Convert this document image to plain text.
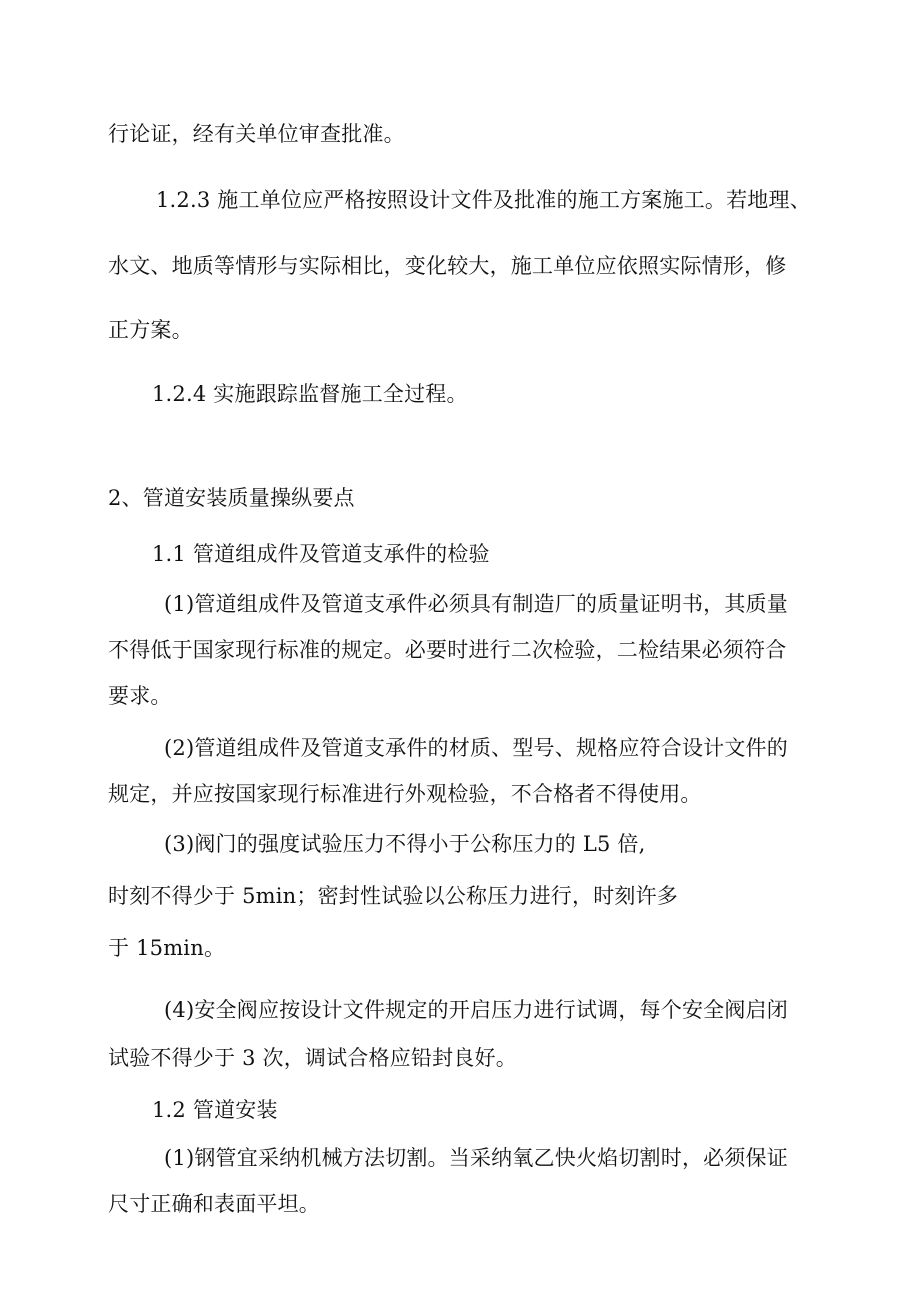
行论证，经有关单位审查批准。
1.2.3 施工单位应严格按照设计文件及批准的施工方案施工。若地理、
水文、地质等情形与实际相比，变化较大，施工单位应依照实际情形，修
正方案。
1.2.4 实施跟踪监督施工全过程。
2、管道安装质量操纵要点
1.1 管道组成件及管道支承件的检验
(1)管道组成件及管道支承件必须具有制造厂的质量证明书，其质量
不得低于国家现行标准的规定。必要时进行二次检验，二检结果必须符合
要求。
(2)管道组成件及管道支承件的材质、型号、规格应符合设计文件的
规定，并应按国家现行标准进行外观检验，不合格者不得使用。
(3)阀门的强度试验压力不得小于公称压力的 L5 倍,
时刻不得少于 5min；密封性试验以公称压力进行，时刻许多
于 15min。
(4)安全阀应按设计文件规定的开启压力进行试调，每个安全阀启闭
试验不得少于 3 次，调试合格应铅封良好。
1.2 管道安装
(1)钢管宜采纳机械方法切割。当采纳氧乙快火焰切割时，必须保证
尺寸正确和表面平坦。
